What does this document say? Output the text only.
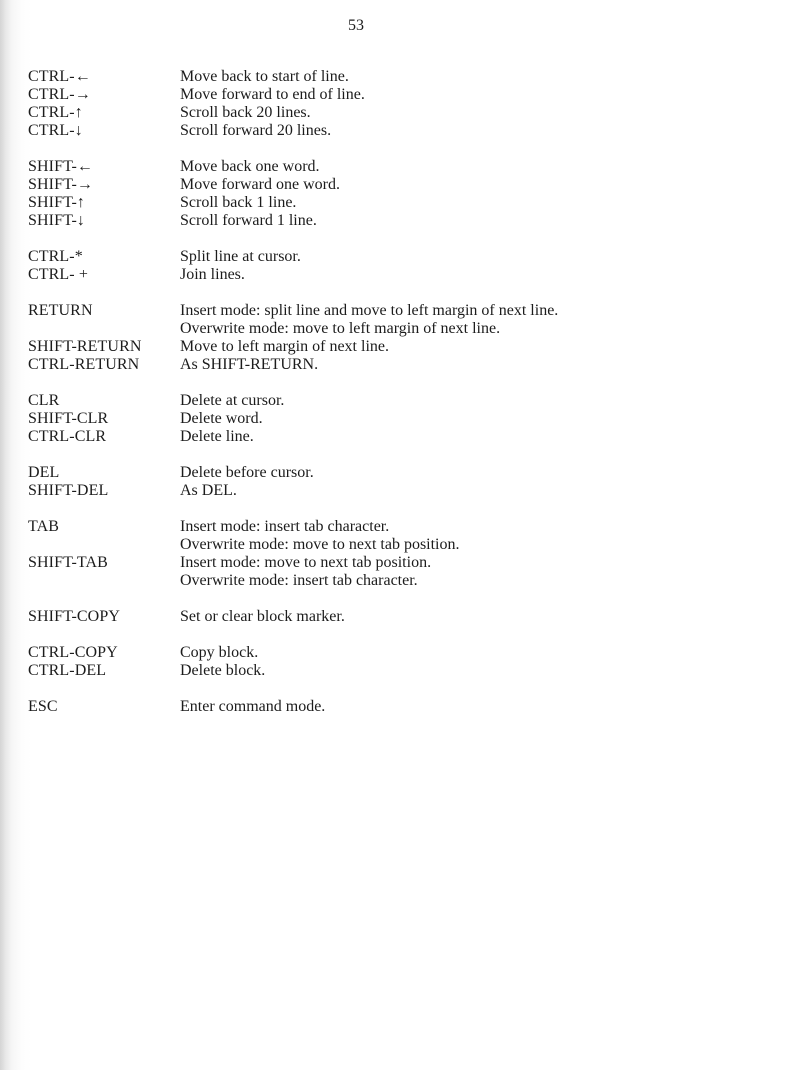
53
CTRL-←	Move back to start of line.
CTRL-→	Move forward to end of line.
CTRL-↑	Scroll back 20 lines.
CTRL-↓	Scroll forward 20 lines.
SHIFT-←	Move back one word.
SHIFT-→	Move forward one word.
SHIFT-↑	Scroll back 1 line.
SHIFT-↓	Scroll forward 1 line.
CTRL-*	Split line at cursor.
CTRL- +	Join lines.
RETURN	Insert mode: split line and move to left margin of next line.
Overwrite mode: move to left margin of next line.
SHIFT-RETURN	Move to left margin of next line.
CTRL-RETURN	As SHIFT-RETURN.
CLR	Delete at cursor.
SHIFT-CLR	Delete word.
CTRL-CLR	Delete line.
DEL	Delete before cursor.
SHIFT-DEL	As DEL.
TAB	Insert mode: insert tab character.
Overwrite mode: move to next tab position.
SHIFT-TAB	Insert mode: move to next tab position.
Overwrite mode: insert tab character.
SHIFT-COPY	Set or clear block marker.
CTRL-COPY	Copy block.
CTRL-DEL	Delete block.
ESC	Enter command mode.
